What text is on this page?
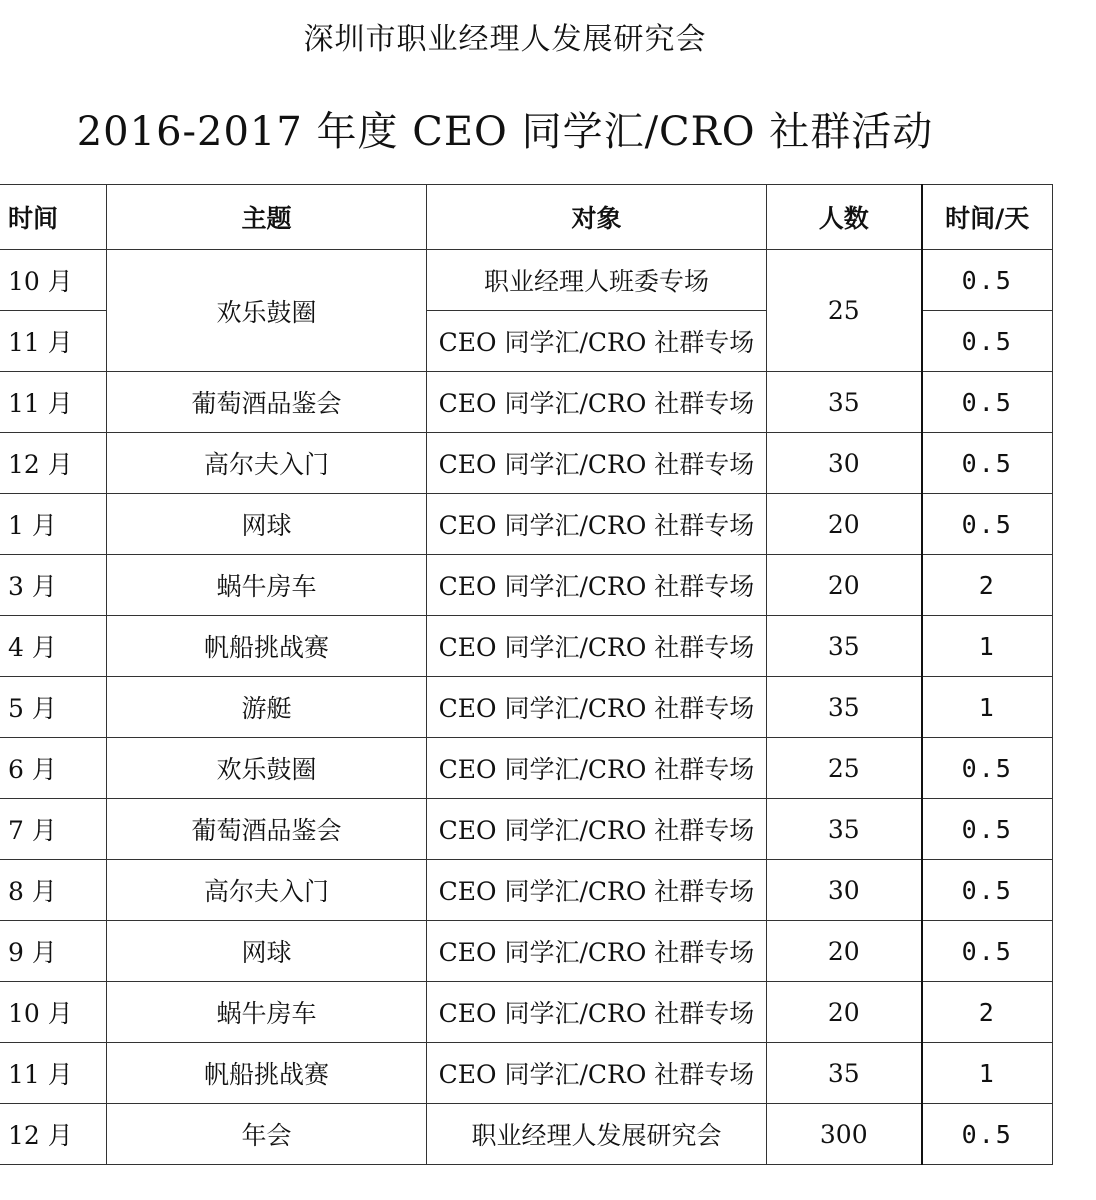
深圳市职业经理人发展研究会
2016-2017 年度 CEO 同学汇/CRO 社群活动
时间	主题	对象	人数	时间/天
10 月	欢乐鼓圈	职业经理人班委专场	25	0.5
11 月		CEO 同学汇/CRO 社群专场		0.5
11 月	葡萄酒品鉴会	CEO 同学汇/CRO 社群专场	35	0.5
12 月	高尔夫入门	CEO 同学汇/CRO 社群专场	30	0.5
1 月	网球	CEO 同学汇/CRO 社群专场	20	0.5
3 月	蜗牛房车	CEO 同学汇/CRO 社群专场	20	2
4 月	帆船挑战赛	CEO 同学汇/CRO 社群专场	35	1
5 月	游艇	CEO 同学汇/CRO 社群专场	35	1
6 月	欢乐鼓圈	CEO 同学汇/CRO 社群专场	25	0.5
7 月	葡萄酒品鉴会	CEO 同学汇/CRO 社群专场	35	0.5
8 月	高尔夫入门	CEO 同学汇/CRO 社群专场	30	0.5
9 月	网球	CEO 同学汇/CRO 社群专场	20	0.5
10 月	蜗牛房车	CEO 同学汇/CRO 社群专场	20	2
11 月	帆船挑战赛	CEO 同学汇/CRO 社群专场	35	1
12 月	年会	职业经理人发展研究会	300	0.5
